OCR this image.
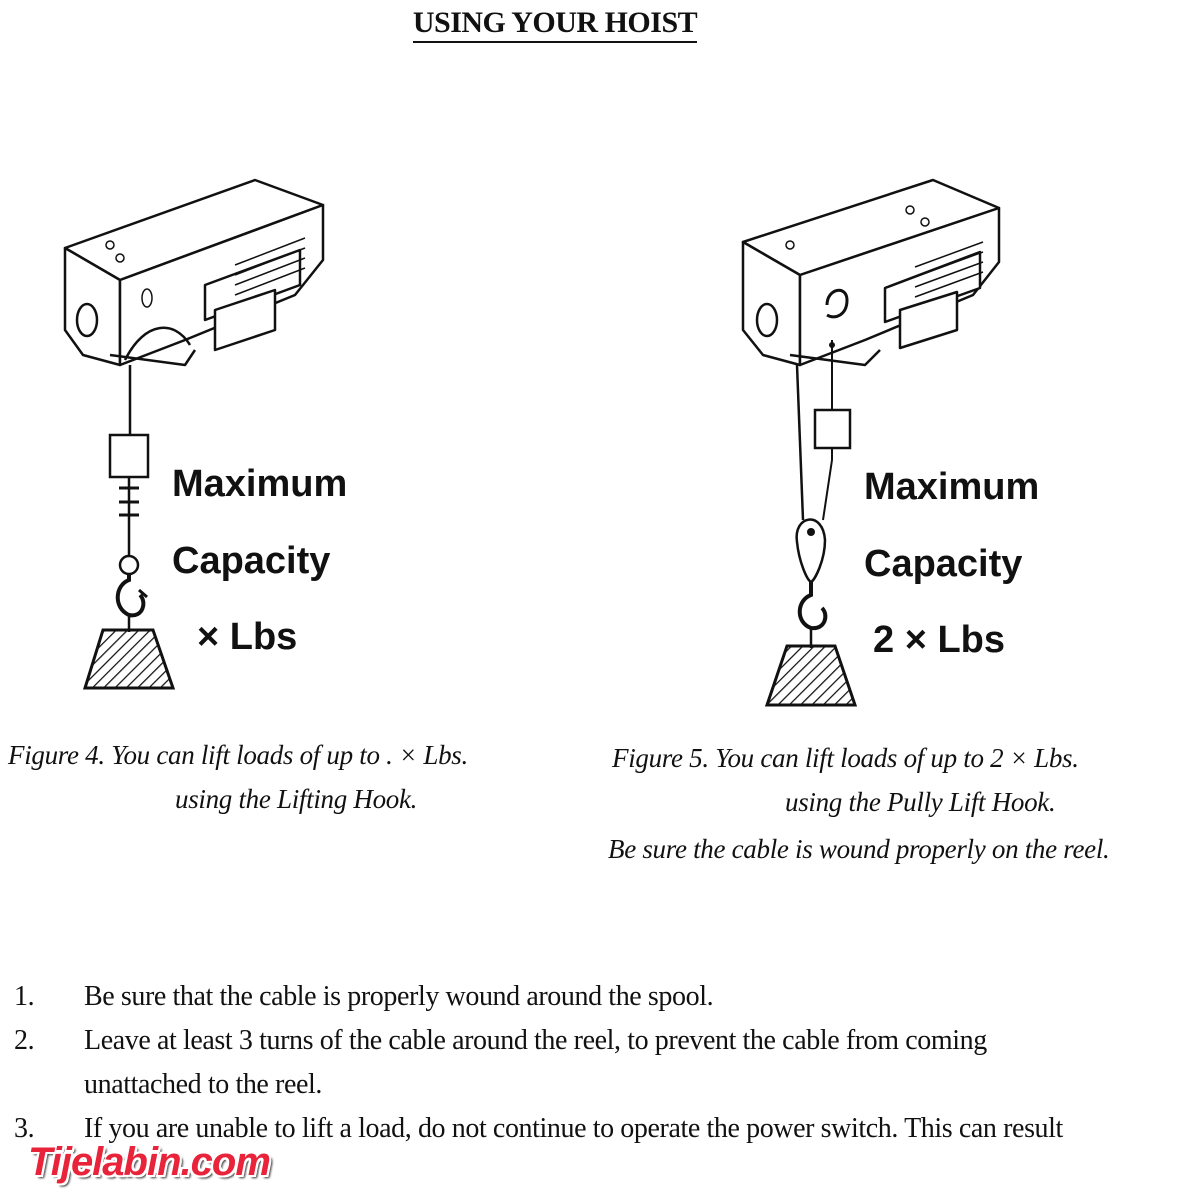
USING YOUR HOIST
Maximum
Capacity
× Lbs
Figure 4. You can lift loads of up to . × Lbs.
using the Lifting Hook.
Maximum
Capacity
2 × Lbs
Figure 5. You can lift loads of up to 2 × Lbs.
using the Pully Lift Hook.
Be sure the cable is wound properly on the reel.
1.	Be sure that the cable is properly wound around the spool.
2.	Leave at least 3 turns of the cable around the reel, to prevent the cable from coming unattached to the reel.
3.	If you are unable to lift a load, do not continue to operate the power switch. This can result
Tijelabin.com
